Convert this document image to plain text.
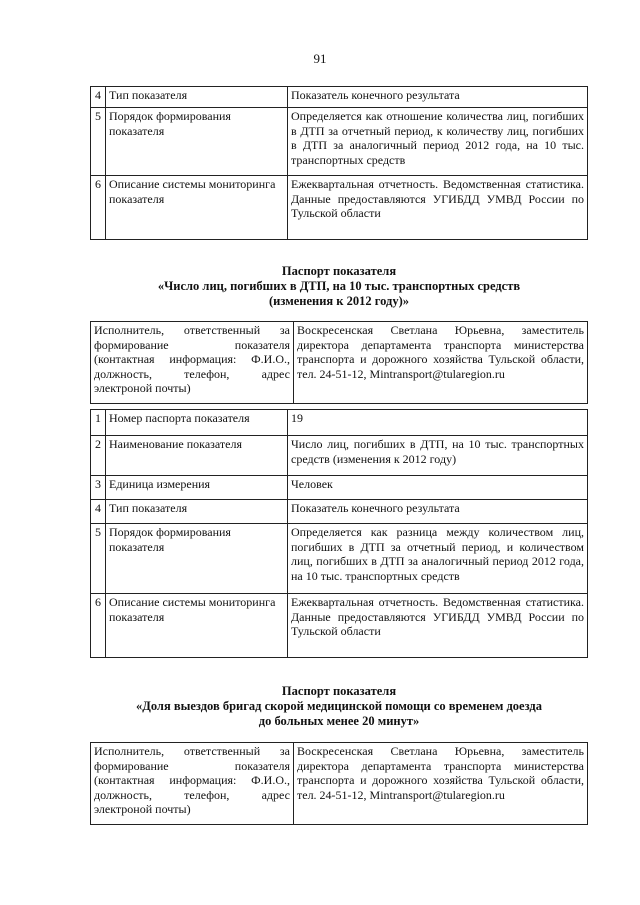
91
4	Тип показателя	Показатель конечного результата
5	Порядок формирования показателя	Определяется как отношение количества лиц, погибших в ДТП за отчетный период, к количеству лиц, погибших в ДТП за аналогичный период 2012 года, на 10 тыс. транспортных средств
6	Описание системы мониторинга показателя	Ежеквартальная отчетность. Ведомственная статистика. Данные предоставляются УГИБДД УМВД России по Тульской области
Паспорт показателя
«Число лиц, погибших в ДТП, на 10 тыс. транспортных средств
(изменения к 2012 году)»
Исполнитель, ответственный за формирование показателя (контактная информация: Ф.И.О., должность, телефон, адрес электроной почты)	Воскресенская Светлана Юрьевна, заместитель директора департамента транспорта министерства транспорта и дорожного хозяйства Тульской области, тел. 24-51-12, Mintransport@tularegion.ru
1	Номер паспорта показателя	19
2	Наименование показателя	Число лиц, погибших в ДТП, на 10 тыс. транспортных средств (изменения к 2012 году)
3	Единица измерения	Человек
4	Тип показателя	Показатель конечного результата
5	Порядок формирования показателя	Определяется как разница между количеством лиц, погибших в ДТП за отчетный период, и количеством лиц, погибших в ДТП за аналогичный период 2012 года, на 10 тыс. транспортных средств
6	Описание системы мониторинга показателя	Ежеквартальная отчетность. Ведомственная статистика. Данные предоставляются УГИБДД УМВД России по Тульской области
Паспорт показателя
«Доля выездов бригад скорой медицинской помощи со временем доезда
до больных менее 20 минут»
Исполнитель, ответственный за формирование показателя (контактная информация: Ф.И.О., должность, телефон, адрес электроной почты)	Воскресенская Светлана Юрьевна, заместитель директора департамента транспорта министерства транспорта и дорожного хозяйства Тульской области, тел. 24-51-12, Mintransport@tularegion.ru
